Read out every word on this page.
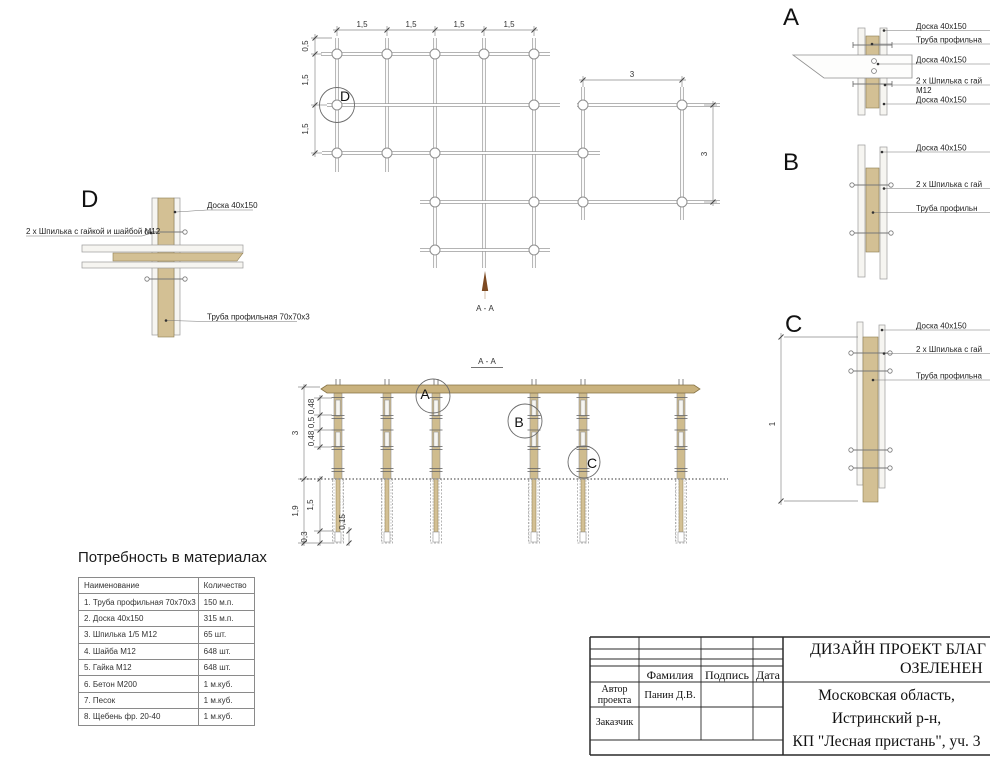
1,5	1,5	1,5	1,5
0,5
1,5
1,5
3
3
D
А - А
А - А
3
1,9
0,48
0,5
0,48
1,5
0,3
0,15
A
B
C
A	Доска 40х150
Труба профильна
Доска 40х150
2 х Шпилька с гай
М12
Доска 40х150
B
Доска 40х150
2 х Шпилька с гай
Труба профильн
C	Доска 40х150
2 х Шпилька с гай
Труба профильна
1
D	Доска 40х150
2 х Шпилька с гайкой и шайбой М12
Труба профильная 70х70х3
Потребность в материалах
Наименование	Количество
1. Труба профильная 70х70х3	150 м.п.
2. Доска 40х150	315 м.п.
3. Шпилька 1/5 М12	65 шт.
4. Шайба М12	648 шт.
5. Гайка М12	648 шт.
6. Бетон М200	1 м.куб.
7. Песок	1 м.куб.
8. Щебень фр. 20-40	1 м.куб.
ДИЗАЙН ПРОЕКТ БЛАГ
ОЗЕЛЕНЕН
Московская область,
Истринский р-н,
КП "Лесная пристань", уч. 3
Фамилия Подпись Дата
Автор проекта	Панин Д.В.
Заказчик
